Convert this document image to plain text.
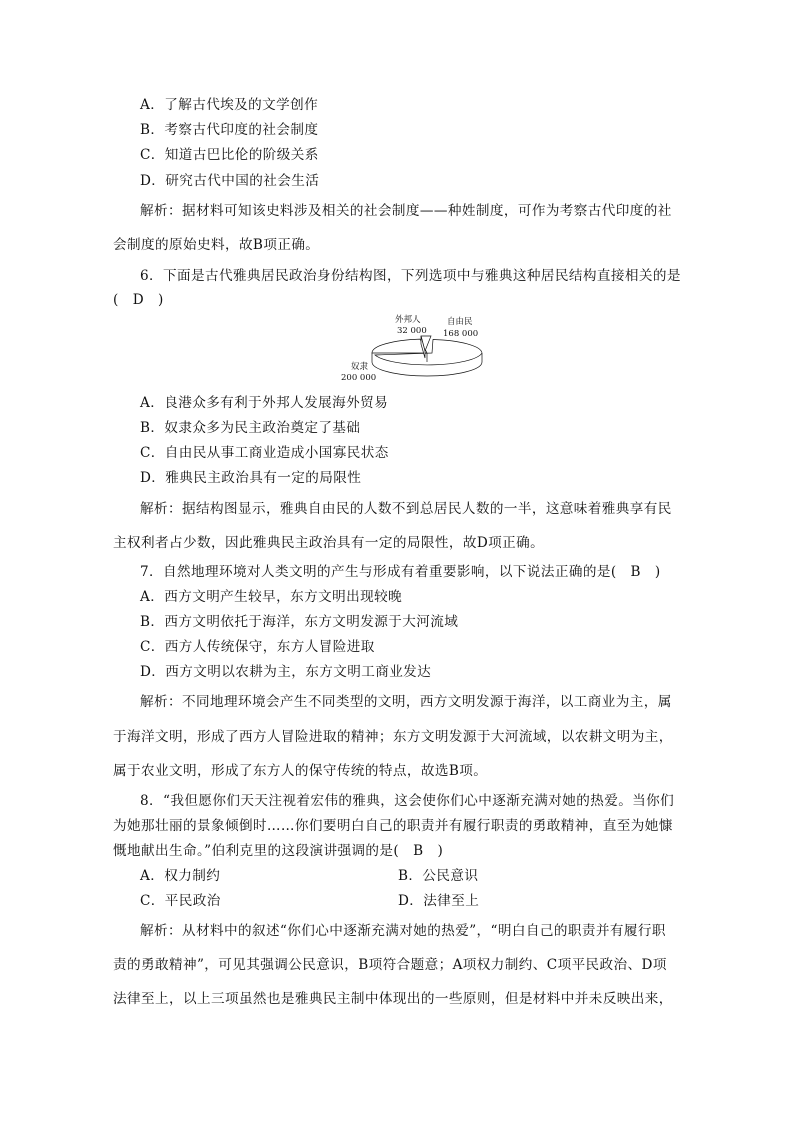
A．了解古代埃及的文学创作
B．考察古代印度的社会制度
C．知道古巴比伦的阶级关系
D．研究古代中国的社会生活
解析：据材料可知该史料涉及相关的社会制度——种姓制度，可作为考察古代印度的社
会制度的原始史料，故B项正确。
6．下面是古代雅典居民政治身份结构图，下列选项中与雅典这种居民结构直接相关的是
(　D　)
外邦人
32 000
自由民
168 000
奴隶
200 000
A．良港众多有利于外邦人发展海外贸易
B．奴隶众多为民主政治奠定了基础
C．自由民从事工商业造成小国寡民状态
D．雅典民主政治具有一定的局限性
解析：据结构图显示，雅典自由民的人数不到总居民人数的一半，这意味着雅典享有民
主权利者占少数，因此雅典民主政治具有一定的局限性，故D项正确。
7．自然地理环境对人类文明的产生与形成有着重要影响，以下说法正确的是(　B　)
A．西方文明产生较早，东方文明出现较晚
B．西方文明依托于海洋，东方文明发源于大河流域
C．西方人传统保守，东方人冒险进取
D．西方文明以农耕为主，东方文明工商业发达
解析：不同地理环境会产生不同类型的文明，西方文明发源于海洋，以工商业为主，属
于海洋文明，形成了西方人冒险进取的精神；东方文明发源于大河流域，以农耕文明为主，
属于农业文明，形成了东方人的保守传统的特点，故选B项。
8．“我但愿你们天天注视着宏伟的雅典，这会使你们心中逐渐充满对她的热爱。当你们
为她那壮丽的景象倾倒时……你们要明白自己的职责并有履行职责的勇敢精神，直至为她慷
慨地献出生命。”伯利克里的这段演讲强调的是(　B　)
A．权力制约	B．公民意识
C．平民政治	D．法律至上
解析：从材料中的叙述“你们心中逐渐充满对她的热爱”，“明白自己的职责并有履行职
责的勇敢精神”，可见其强调公民意识，B项符合题意；A项权力制约、C项平民政治、D项
法律至上，以上三项虽然也是雅典民主制中体现出的一些原则，但是材料中并未反映出来，
